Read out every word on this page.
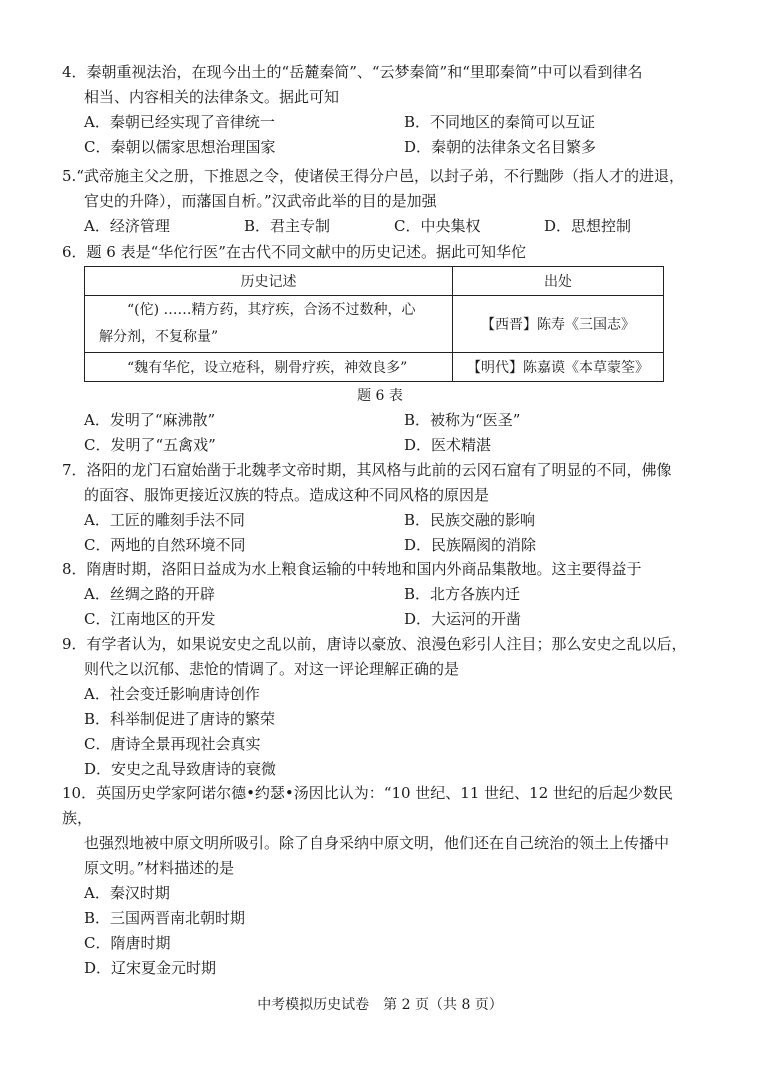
4．秦朝重视法治，在现今出土的“岳麓秦简”、“云梦秦简”和“里耶秦简”中可以看到律名
相当、内容相关的法律条文。据此可知
A．秦朝已经实现了音律统一	B．不同地区的秦简可以互证
C．秦朝以儒家思想治理国家	D．秦朝的法律条文名目繁多
5.“武帝施主父之册，下推恩之令，使诸侯王得分户邑，以封子弟，不行黜陟（指人才的进退，
官史的升降），而藩国自析。”汉武帝此举的目的是加强
A．经济管理	B．君主专制	C．中央集权	D．思想控制
6．题 6 表是“华佗行医”在古代不同文献中的历史记述。据此可知华佗
历史记述	出处

“(佗) ……精方药，其疗疾，合汤不过数种，心
解分剂，不复称量”	【西晋】陈寿《三国志》
“魏有华佗，设立疮科，剔骨疗疾，神效良多”	【明代】陈嘉谟《本草蒙筌》
题 6 表
A．发明了“麻沸散”	B．被称为“医圣”
C．发明了“五禽戏”	D．医术精湛
7．洛阳的龙门石窟始凿于北魏孝文帝时期，其风格与此前的云冈石窟有了明显的不同，佛像
的面容、服饰更接近汉族的特点。造成这种不同风格的原因是
A．工匠的雕刻手法不同	B．民族交融的影响
C．两地的自然环境不同	D．民族隔阂的消除
8．隋唐时期，洛阳日益成为水上粮食运输的中转地和国内外商品集散地。这主要得益于
A．丝绸之路的开辟	B．北方各族内迁
C．江南地区的开发	D．大运河的开凿
9．有学者认为，如果说安史之乱以前，唐诗以豪放、浪漫色彩引人注目；那么安史之乱以后，
则代之以沉郁、悲怆的情调了。对这一评论理解正确的是
A．社会变迁影响唐诗创作
B．科举制促进了唐诗的繁荣
C．唐诗全景再现社会真实
D．安史之乱导致唐诗的衰微
10．英国历史学家阿诺尔德•约瑟•汤因比认为：“10 世纪、11 世纪、12 世纪的后起少数民族，
也强烈地被中原文明所吸引。除了自身采纳中原文明，他们还在自己统治的领土上传播中
原文明。”材料描述的是
A．秦汉时期
B．三国两晋南北朝时期
C．隋唐时期
D．辽宋夏金元时期
中考模拟历史试卷　第 2 页（共 8 页）
